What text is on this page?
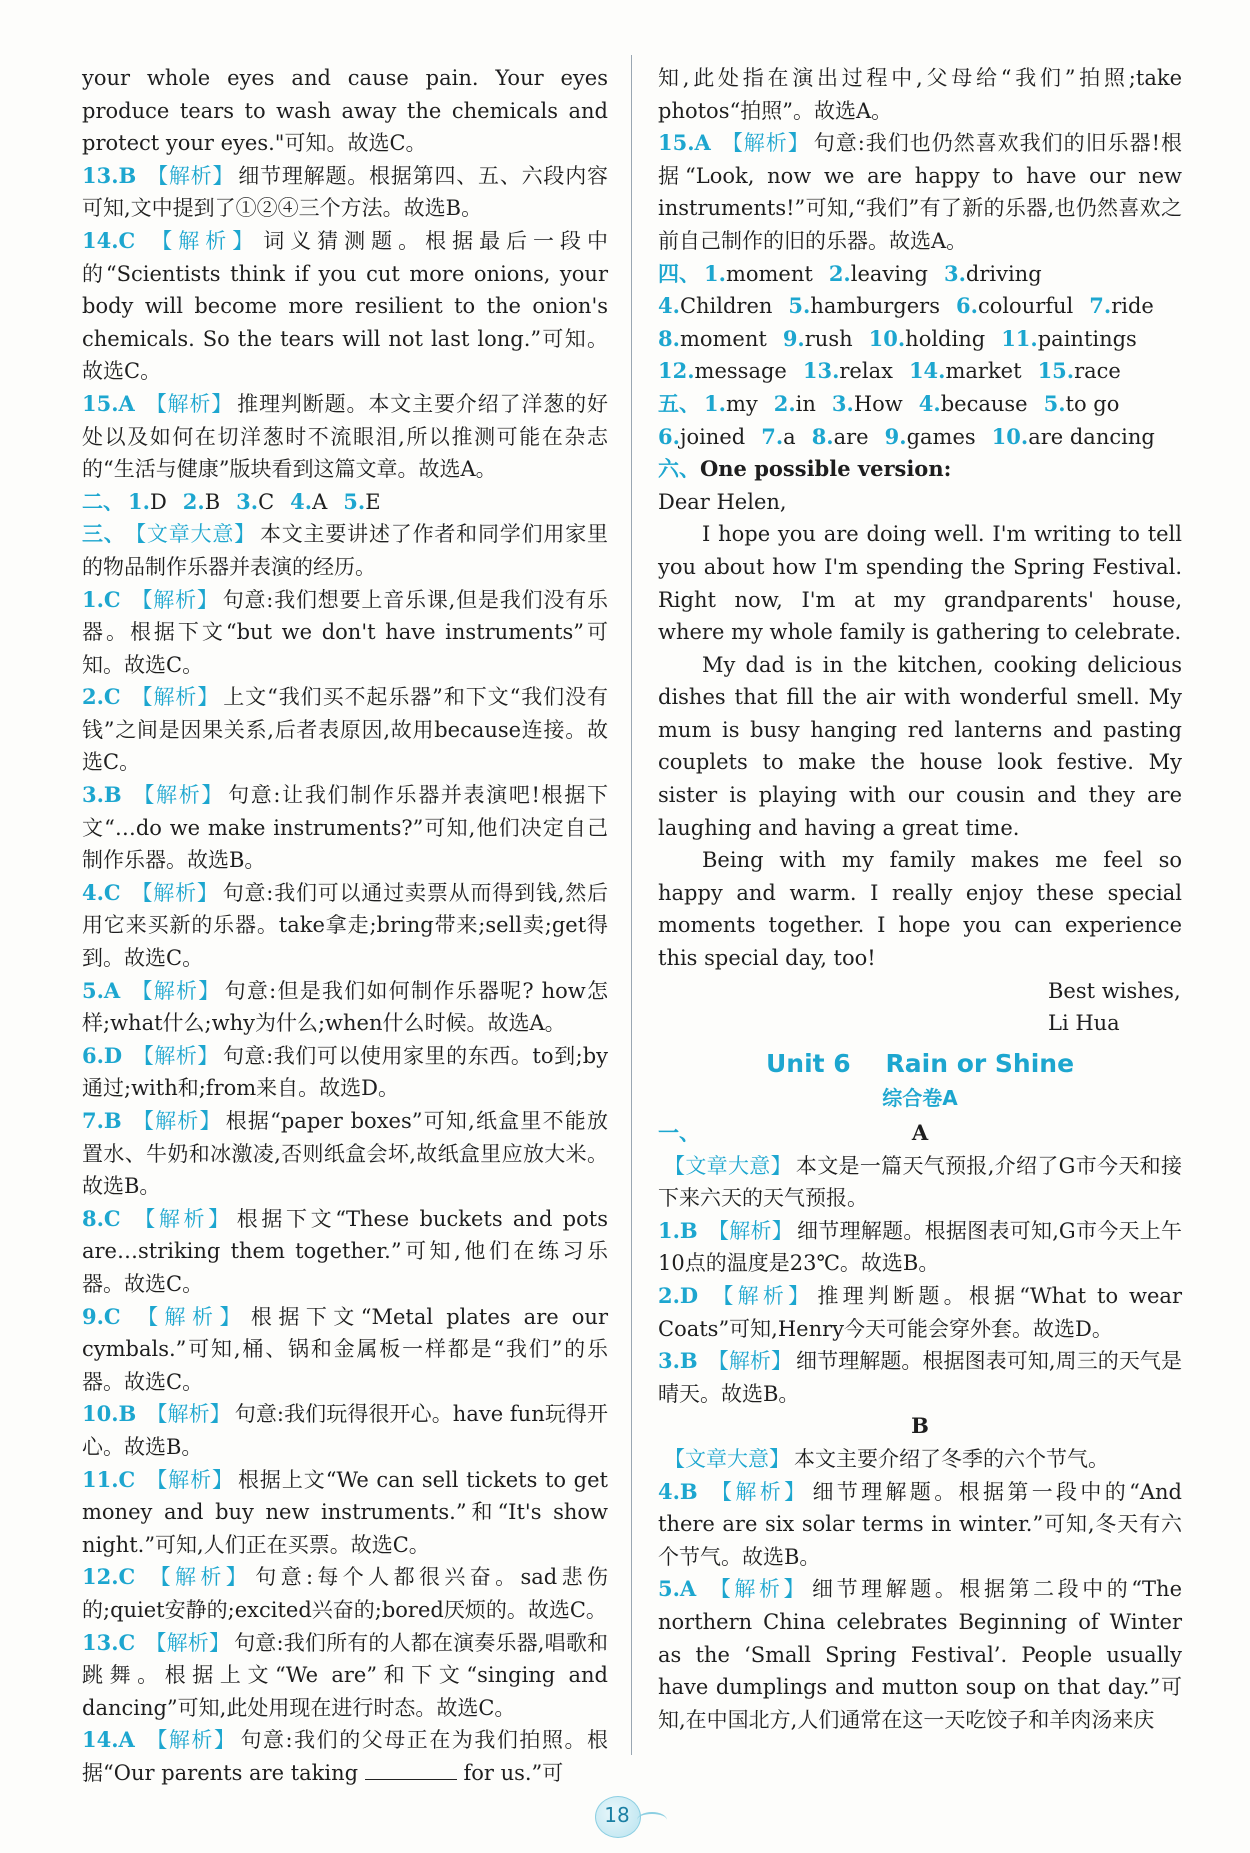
your whole eyes and cause pain. Your eyes produce tears to wash away the chemicals and protect your eyes."可知。故选C。

13.B 【解析】 细节理解题。根据第四、五、六段内容可知,文中提到了①②④三个方法。故选B。

14.C 【解析】 词义猜测题。根据最后一段中的“Scientists think if you cut more onions, your body will become more resilient to the onion's chemicals. So the tears will not last long.”可知。故选C。

15.A 【解析】 推理判断题。本文主要介绍了洋葱的好处以及如何在切洋葱时不流眼泪,所以推测可能在杂志的“生活与健康”版块看到这篇文章。故选A。

二、 1.D 2.B 3.C 4.A 5.E

三、 【文章大意】 本文主要讲述了作者和同学们用家里的物品制作乐器并表演的经历。

1.C 【解析】 句意:我们想要上音乐课,但是我们没有乐器。根据下文“but we don't have instruments”可知。故选C。

2.C 【解析】 上文“我们买不起乐器”和下文“我们没有钱”之间是因果关系,后者表原因,故用because连接。故选C。

3.B 【解析】 句意:让我们制作乐器并表演吧!根据下文“…do we make instruments?”可知,他们决定自己制作乐器。故选B。

4.C 【解析】 句意:我们可以通过卖票从而得到钱,然后用它来买新的乐器。take拿走;bring带来;sell卖;get得到。故选C。

5.A 【解析】 句意:但是我们如何制作乐器呢? how怎样;what什么;why为什么;when什么时候。故选A。

6.D 【解析】 句意:我们可以使用家里的东西。to到;by通过;with和;from来自。故选D。

7.B 【解析】 根据“paper boxes”可知,纸盒里不能放置水、牛奶和冰激凌,否则纸盒会坏,故纸盒里应放大米。故选B。

8.C 【解析】 根据下文“These buckets and pots are…striking them together.”可知,他们在练习乐器。故选C。

9.C 【解析】 根据下文“Metal plates are our cymbals.”可知,桶、锅和金属板一样都是“我们”的乐器。故选C。

10.B 【解析】 句意:我们玩得很开心。have fun玩得开心。故选B。

11.C 【解析】 根据上文“We can sell tickets to get money and buy new instruments.”和“It's show night.”可知,人们正在买票。故选C。

12.C 【解析】 句意:每个人都很兴奋。sad悲伤的;quiet安静的;excited兴奋的;bored厌烦的。故选C。

13.C 【解析】 句意:我们所有的人都在演奏乐器,唱歌和跳舞。根据上文“We are”和下文“singing and dancing”可知,此处用现在进行时态。故选C。

14.A 【解析】 句意:我们的父母正在为我们拍照。根据“Our parents are taking	for us.”可

知,此处指在演出过程中,父母给“我们”拍照;take photos“拍照”。故选A。

15.A 【解析】 句意:我们也仍然喜欢我们的旧乐器!根据“Look, now we are happy to have our new instruments!”可知,“我们”有了新的乐器,也仍然喜欢之前自己制作的旧的乐器。故选A。

四、 1.moment 2.leaving 3.driving
4.Children 5.hamburgers 6.colourful 7.ride
8.moment 9.rush 10.holding 11.paintings
12.message 13.relax 14.market 15.race

五、 1.my 2.in 3.How 4.because 5.to go
6.joined 7.a 8.are 9.games 10.are dancing

六、One possible version:

Dear Helen,

I hope you are doing well. I'm writing to tell you about how I'm spending the Spring Festival. Right now, I'm at my grandparents' house, where my whole family is gathering to celebrate.

My dad is in the kitchen, cooking delicious dishes that fill the air with wonderful smell. My mum is busy hanging red lanterns and pasting couplets to make the house look festive. My sister is playing with our cousin and they are laughing and having a great time.

Being with my family makes me feel so happy and warm. I really enjoy these special moments together. I hope you can experience this special day, too!

Best wishes,

Li Hua

Unit 6    Rain or Shine
综合卷A
一、	A

【文章大意】 本文是一篇天气预报,介绍了G市今天和接下来六天的天气预报。

1.B 【解析】 细节理解题。根据图表可知,G市今天上午10点的温度是23℃。故选B。

2.D 【解析】 推理判断题。根据“What to wear Coats”可知,Henry今天可能会穿外套。故选D。

3.B 【解析】 细节理解题。根据图表可知,周三的天气是晴天。故选B。

B

【文章大意】 本文主要介绍了冬季的六个节气。

4.B 【解析】 细节理解题。根据第一段中的“And there are six solar terms in winter.”可知,冬天有六个节气。故选B。

5.A 【解析】 细节理解题。根据第二段中的“The northern China celebrates Beginning of Winter as the ‘Small Spring Festival’. People usually have dumplings and mutton soup on that day.”可知,在中国北方,人们通常在这一天吃饺子和羊肉汤来庆

18
